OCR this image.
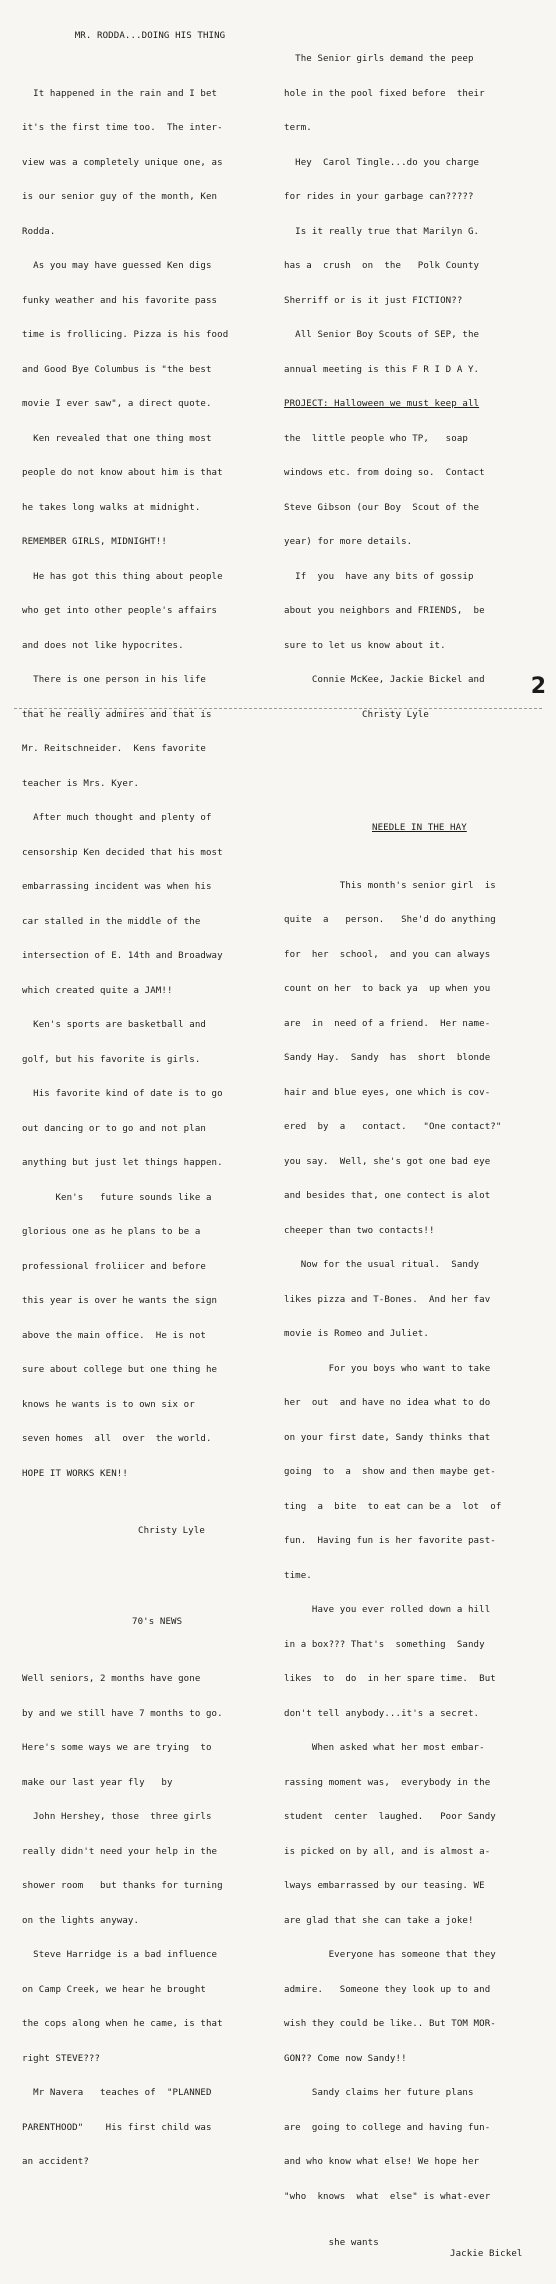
MR. RODDA...DOING HIS THING

It happened in the rain and I bet

it's the first time too.  The inter-

view was a completely unique one, as

is our senior guy of the month, Ken

Rodda.

As you may have guessed Ken digs

funky weather and his favorite pass

time is frollicing. Pizza is his food

and Good Bye Columbus is "the best

movie I ever saw", a direct quote.

Ken revealed that one thing most

people do not know about him is that

he takes long walks at midnight.

REMEMBER GIRLS, MIDNIGHT!!

He has got this thing about people

who get into other people's affairs

and does not like hypocrites.

There is one person in his life

that he really admires and that is

Mr. Reitschneider.  Kens favorite

teacher is Mrs. Kyer.

After much thought and plenty of

censorship Ken decided that his most

embarrassing incident was when his

car stalled in the middle of the

intersection of E. 14th and Broadway

which created quite a JAM!!

Ken's sports are basketball and

golf, but his favorite is girls.

His favorite kind of date is to go

out dancing or to go and not plan

anything but just let things happen.

Ken's   future sounds like a

glorious one as he plans to be a

professional froliicer and before

this year is over he wants the sign

above the main office.  He is not

sure about college but one thing he

knows he wants is to own six or

seven homes  all  over  the world.

HOPE IT WORKS KEN!!

Christy Lyle

70's NEWS

Well seniors, 2 months have gone

by and we still have 7 months to go.

Here's some ways we are trying  to

make our last year fly   by

John Hershey, those  three girls

really didn't need your help in the

shower room   but thanks for turning

on the lights anyway.

Steve Harridge is a bad influence

on Camp Creek, we hear he brought

the cops along when he came, is that

right STEVE???

Mr Navera   teaches of  "PLANNED

PARENTHOOD"    His first child was

an accident?

The Senior girls demand the peep

hole in the pool fixed before  their

term.

Hey  Carol Tingle...do you charge

for rides in your garbage can?????

Is it really true that Marilyn G.

has a  crush  on  the   Polk County

Sherriff or is it just FICTION??

All Senior Boy Scouts of SEP, the

annual meeting is this F R I D A Y.

PROJECT: Halloween we must keep all

the  little people who TP,   soap

windows etc. from doing so.  Contact

Steve Gibson (our Boy  Scout of the

year) for more details.

If  you  have any bits of gossip

about you neighbors and FRIENDS,  be

sure to let us know about it.

Connie McKee, Jackie Bickel and

Christy Lyle

NEEDLE IN THE HAY

This month's senior girl  is

quite  a   person.   She'd do anything

for  her  school,  and you can always

count on her  to back ya  up when you

are  in  need of a friend.  Her name-

Sandy Hay.  Sandy  has  short  blonde

hair and blue eyes, one which is cov-

ered  by  a   contact.   "One contact?"

you say.  Well, she's got one bad eye

and besides that, one contect is alot

cheeper than two contacts!!

Now for the usual ritual.  Sandy

likes pizza and T-Bones.  And her fav

movie is Romeo and Juliet.

For you boys who want to take

her  out  and have no idea what to do

on your first date, Sandy thinks that

going  to  a  show and then maybe get-

ting  a  bite  to eat can be a  lot  of

fun.  Having fun is her favorite past-

time.

Have you ever rolled down a hill

in a box??? That's  something  Sandy

likes  to  do  in her spare time.  But

don't tell anybody...it's a secret.

When asked what her most embar-

rassing moment was,  everybody in the

student  center  laughed.   Poor Sandy

is picked on by all, and is almost a-

lways embarrassed by our teasing. WE

are glad that she can take a joke!

Everyone has someone that they

admire.   Someone they look up to and

wish they could be like.. But TOM MOR-

GON?? Come now Sandy!!

Sandy claims her future plans

are  going to college and having fun-

and who know what else! We hope her

"who  knows  what  else" is what-ever

she wants

Jackie Bickel

2
